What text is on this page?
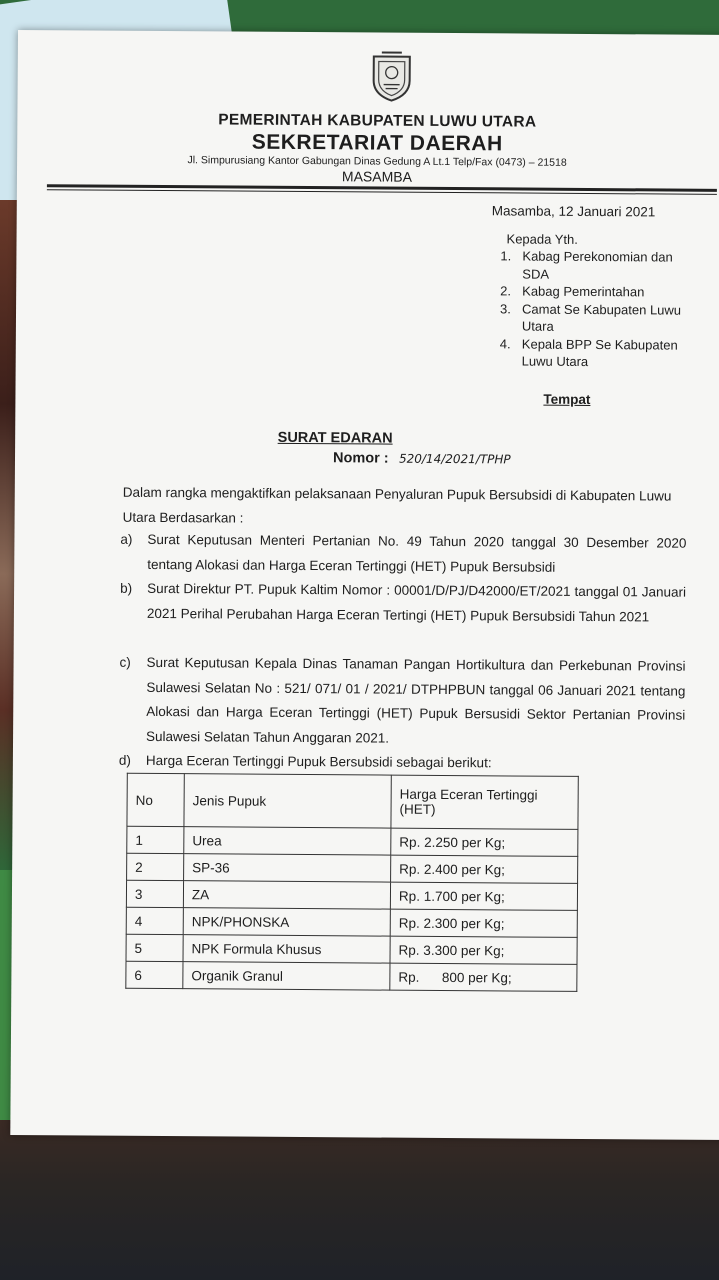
PEMERINTAH KABUPATEN LUWU UTARA
SEKRETARIAT DAERAH
Jl. Simpurusiang Kantor Gabungan Dinas Gedung A Lt.1 Telp/Fax (0473) – 21518
MASAMBA
Masamba, 12 Januari 2021
Kepada Yth.
1. Kabag Perekonomian dan SDA
2. Kabag Pemerintahan
3. Camat Se Kabupaten Luwu Utara
4. Kepala BPP Se Kabupaten Luwu Utara
Tempat
SURAT EDARAN
Nomor : 520/14/2021/TPHP
Dalam rangka mengaktifkan pelaksanaan Penyaluran Pupuk Bersubsidi di Kabupaten Luwu Utara Berdasarkan :
a)	Surat Keputusan Menteri Pertanian No. 49 Tahun 2020 tanggal 30 Desember 2020 tentang Alokasi dan Harga Eceran Tertinggi (HET) Pupuk Bersubsidi
b)	Surat Direktur PT. Pupuk Kaltim Nomor : 00001/D/PJ/D42000/ET/2021 tanggal 01 Januari 2021 Perihal Perubahan Harga Eceran Tertingi (HET) Pupuk Bersubsidi Tahun 2021
c)	Surat Keputusan Kepala Dinas Tanaman Pangan Hortikultura dan Perkebunan Provinsi Sulawesi Selatan No : 521/ 071/ 01 / 2021/ DTPHPBUN tanggal 06 Januari 2021 tentang Alokasi dan Harga Eceran Tertinggi (HET) Pupuk Bersusidi Sektor Pertanian Provinsi Sulawesi Selatan Tahun Anggaran 2021.
d)	Harga Eceran Tertinggi Pupuk Bersubsidi sebagai berikut:
No	Jenis Pupuk	Harga Eceran Tertinggi (HET)
1	Urea	Rp. 2.250 per Kg;
2	SP-36	Rp. 2.400 per Kg;
3	ZA	Rp. 1.700 per Kg;
4	NPK/PHONSKA	Rp. 2.300 per Kg;
5	NPK Formula Khusus	Rp. 3.300 per Kg;
6	Organik Granul	Rp.      800 per Kg;
